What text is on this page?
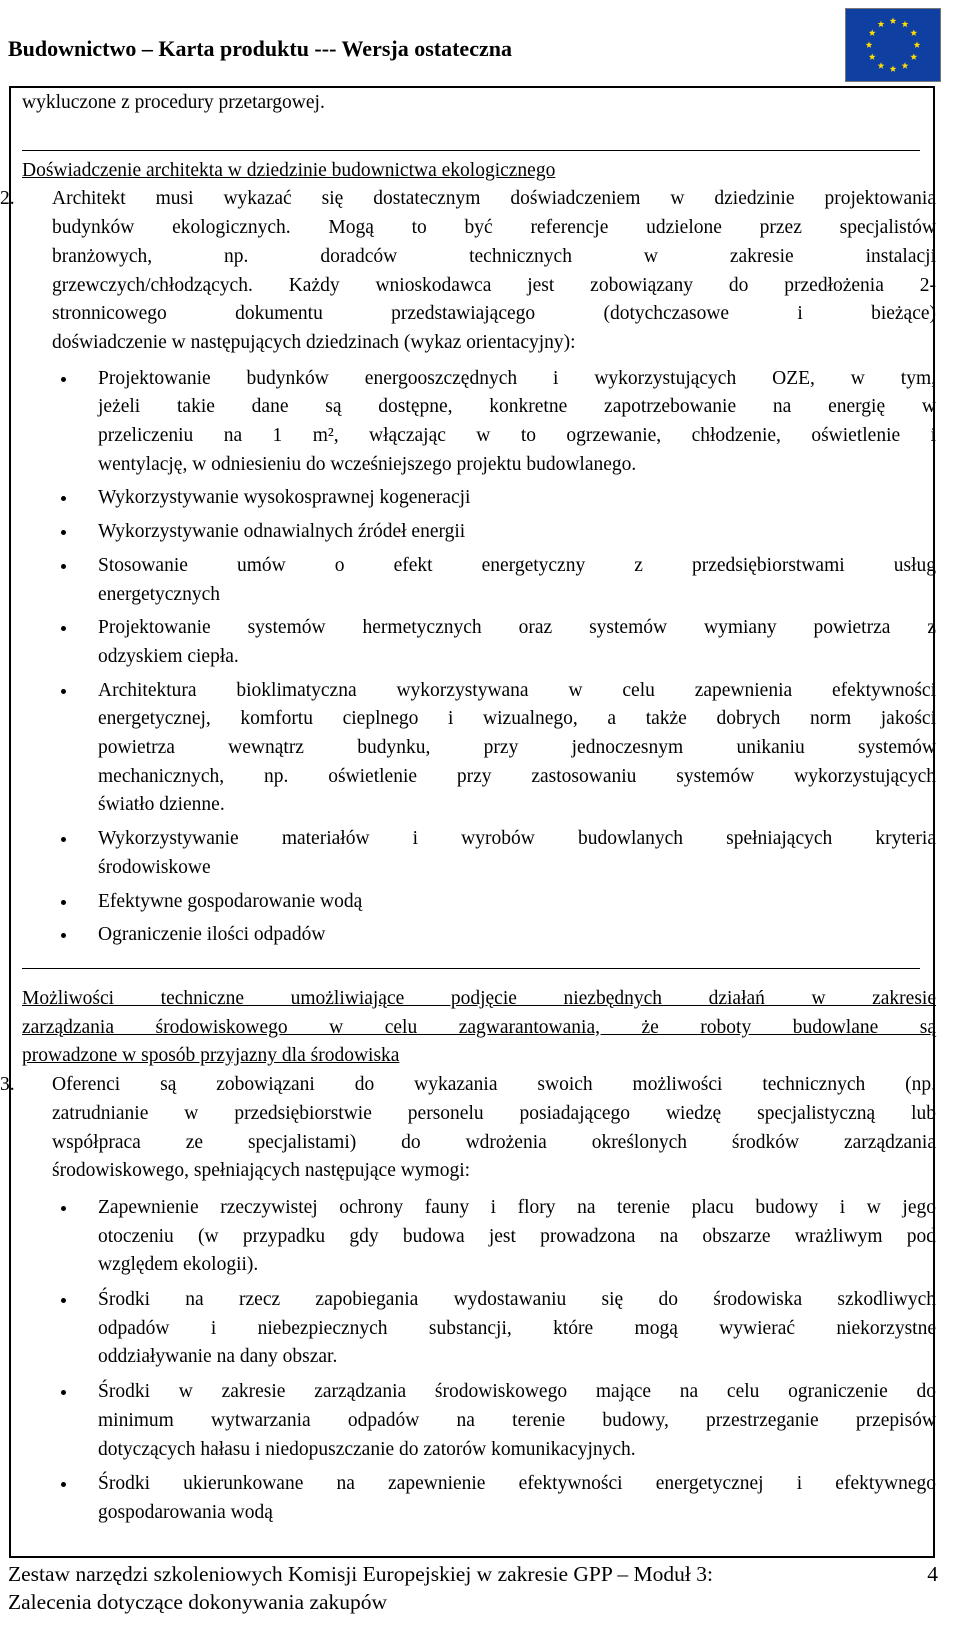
Budownictwo – Karta produktu --- Wersja ostateczna

wykluczone z procedury przetargowej.

Doświadczenie architekta w dziedzinie budownictwa ekologicznego

2. Architekt musi wykazać się dostatecznym doświadczeniem w dziedzinie projektowania
budynków ekologicznych. Mogą to być referencje udzielone przez specjalistów
branżowych, np. doradców technicznych w zakresie instalacji
grzewczych/chłodzących. Każdy wnioskodawca jest zobowiązany do przedłożenia 2-
stronnicowego dokumentu przedstawiającego (dotychczasowe i bieżące)
doświadczenie w następujących dziedzinach (wykaz orientacyjny):
Projektowanie budynków energooszczędnych i wykorzystujących OZE, w tym,
jeżeli takie dane są dostępne, konkretne zapotrzebowanie na energię w
przeliczeniu na 1 m², włączając w to ogrzewanie, chłodzenie, oświetlenie i
wentylację, w odniesieniu do wcześniejszego projektu budowlanego.
Wykorzystywanie wysokosprawnej kogeneracji
Wykorzystywanie odnawialnych źródeł energii
Stosowanie umów o efekt energetyczny z przedsiębiorstwami usług
energetycznych
Projektowanie systemów hermetycznych oraz systemów wymiany powietrza z
odzyskiem ciepła.
Architektura bioklimatyczna wykorzystywana w celu zapewnienia efektywności
energetycznej, komfortu cieplnego i wizualnego, a także dobrych norm jakości
powietrza wewnątrz budynku, przy jednoczesnym unikaniu systemów
mechanicznych, np. oświetlenie przy zastosowaniu systemów wykorzystujących
światło dzienne.
Wykorzystywanie materiałów i wyrobów budowlanych spełniających kryteria
środowiskowe
Efektywne gospodarowanie wodą
Ograniczenie ilości odpadów
Możliwości techniczne umożliwiające podjęcie niezbędnych działań w zakresie
zarządzania środowiskowego w celu zagwarantowania, że roboty budowlane są
prowadzone w sposób przyjazny dla środowiska
3. Oferenci są zobowiązani do wykazania swoich możliwości technicznych (np.
zatrudnianie w przedsiębiorstwie personelu posiadającego wiedzę specjalistyczną lub
współpraca ze specjalistami) do wdrożenia określonych środków zarządzania
środowiskowego, spełniających następujące wymogi:
Zapewnienie rzeczywistej ochrony fauny i flory na terenie placu budowy i w jego
otoczeniu (w przypadku gdy budowa jest prowadzona na obszarze wrażliwym pod
względem ekologii).
Środki na rzecz zapobiegania wydostawaniu się do środowiska szkodliwych
odpadów i niebezpiecznych substancji, które mogą wywierać niekorzystne
oddziaływanie na dany obszar.
Środki w zakresie zarządzania środowiskowego mające na celu ograniczenie do
minimum wytwarzania odpadów na terenie budowy, przestrzeganie przepisów
dotyczących hałasu i niedopuszczanie do zatorów komunikacyjnych.
Środki ukierunkowane na zapewnienie efektywności energetycznej i efektywnego
gospodarowania wodą
Zestaw narzędzi szkoleniowych Komisji Europejskiej w zakresie GPP – Moduł 3:
Zalecenia dotyczące dokonywania zakupów
4
